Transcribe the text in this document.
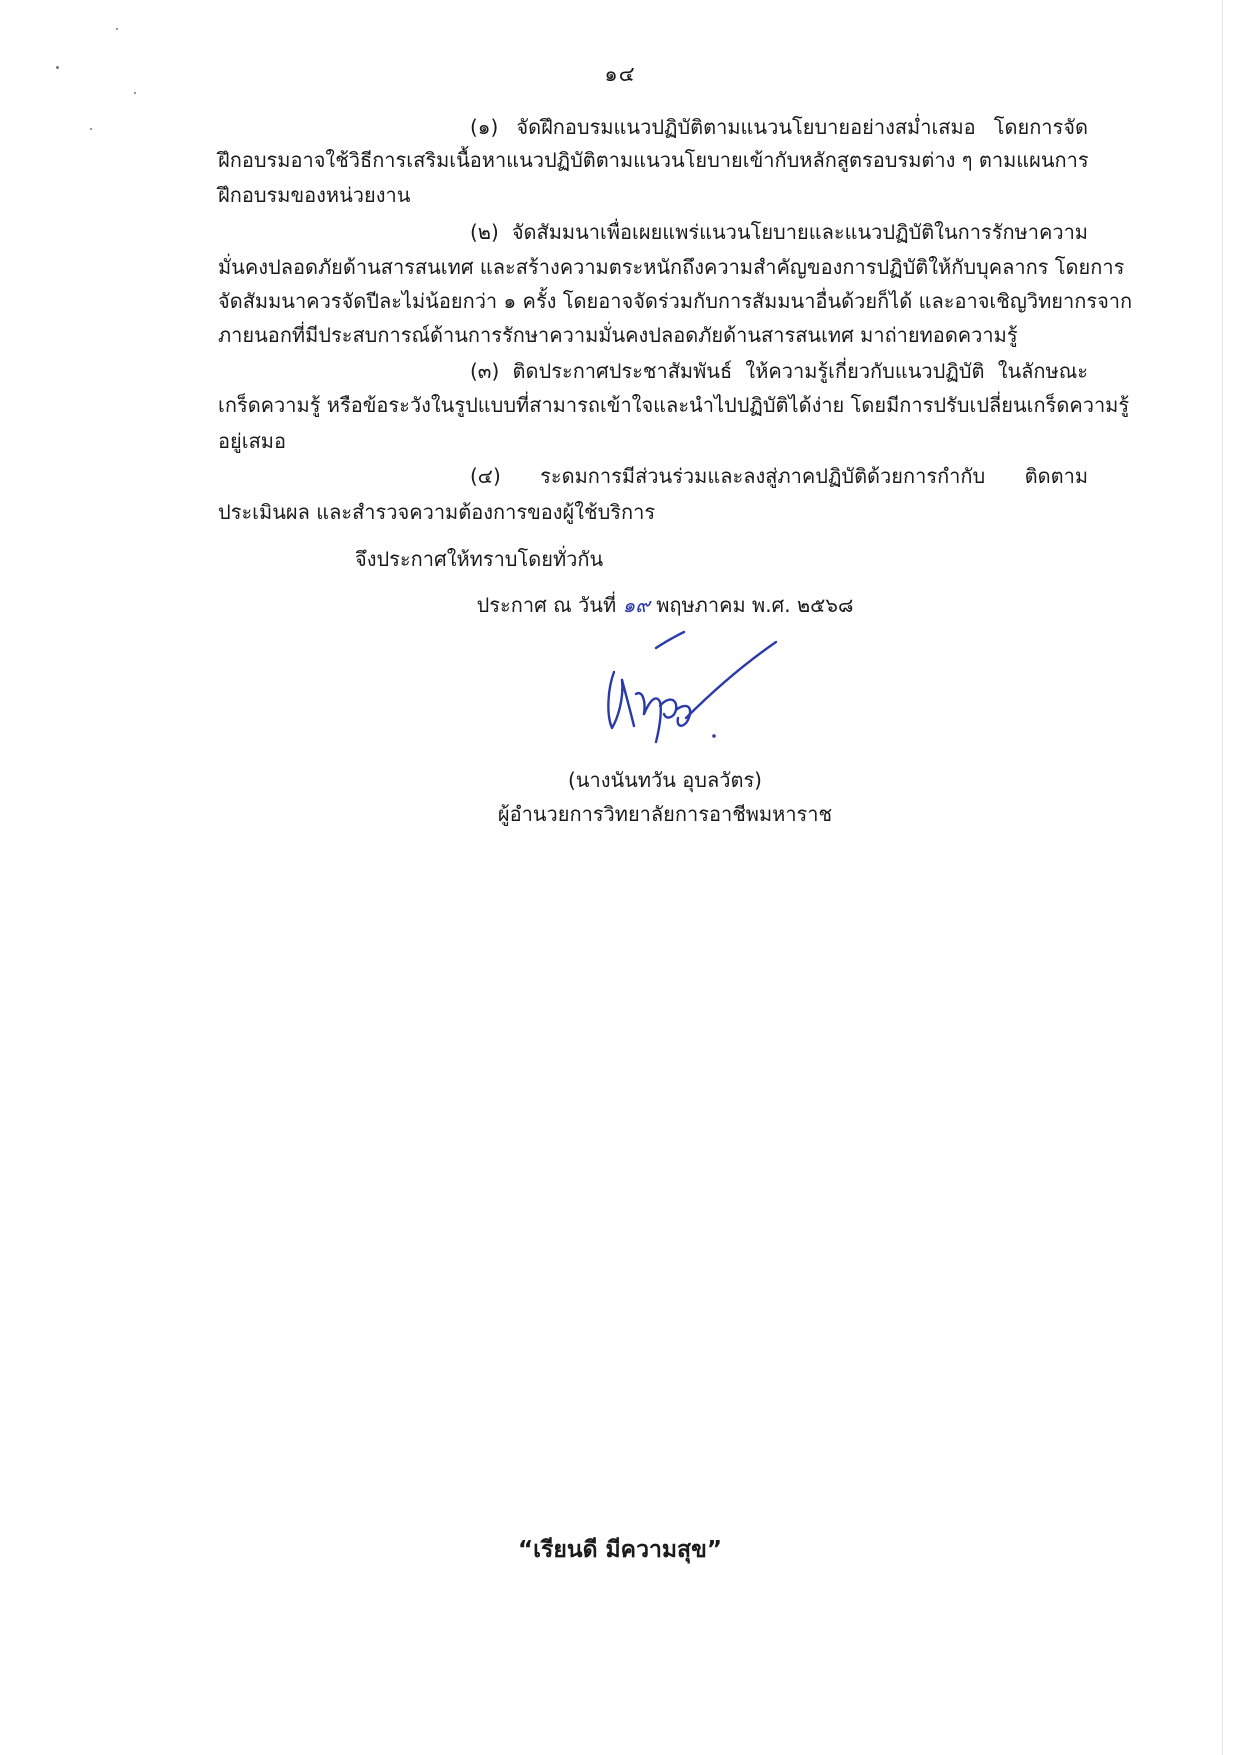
๑๔
(๑) จัดฝึกอบรมแนวปฏิบัติตามแนวนโยบายอย่างสม่ำเสมอ โดยการจัด
ฝึกอบรมอาจใช้วิธีการเสริมเนื้อหาแนวปฏิบัติตามแนวนโยบายเข้ากับหลักสูตรอบรมต่าง ๆ ตามแผนการ
ฝึกอบรมของหน่วยงาน
(๒) จัดสัมมนาเพื่อเผยแพร่แนวนโยบายและแนวปฏิบัติในการรักษาความ
มั่นคงปลอดภัยด้านสารสนเทศ และสร้างความตระหนักถึงความสำคัญของการปฏิบัติให้กับบุคลากร โดยการ
จัดสัมมนาควรจัดปีละไม่น้อยกว่า ๑ ครั้ง โดยอาจจัดร่วมกับการสัมมนาอื่นด้วยก็ได้ และอาจเชิญวิทยากรจาก
ภายนอกที่มีประสบการณ์ด้านการรักษาความมั่นคงปลอดภัยด้านสารสนเทศ มาถ่ายทอดความรู้
(๓) ติดประกาศประชาสัมพันธ์ ให้ความรู้เกี่ยวกับแนวปฏิบัติ ในลักษณะ
เกร็ดความรู้ หรือข้อระวังในรูปแบบที่สามารถเข้าใจและนำไปปฏิบัติได้ง่าย โดยมีการปรับเปลี่ยนเกร็ดความรู้
อยู่เสมอ
(๔) ระดมการมีส่วนร่วมและลงสู่ภาคปฏิบัติด้วยการกำกับ ติดตาม
ประเมินผล และสำรวจความต้องการของผู้ใช้บริการ
จึงประกาศให้ทราบโดยทั่วกัน
ประกาศ ณ วันที่ ๑๙ พฤษภาคม พ.ศ. ๒๕๖๘
(นางนันทวัน อุบลวัตร)
ผู้อำนวยการวิทยาลัยการอาชีพมหาราช
“เรียนดี มีความสุข”
